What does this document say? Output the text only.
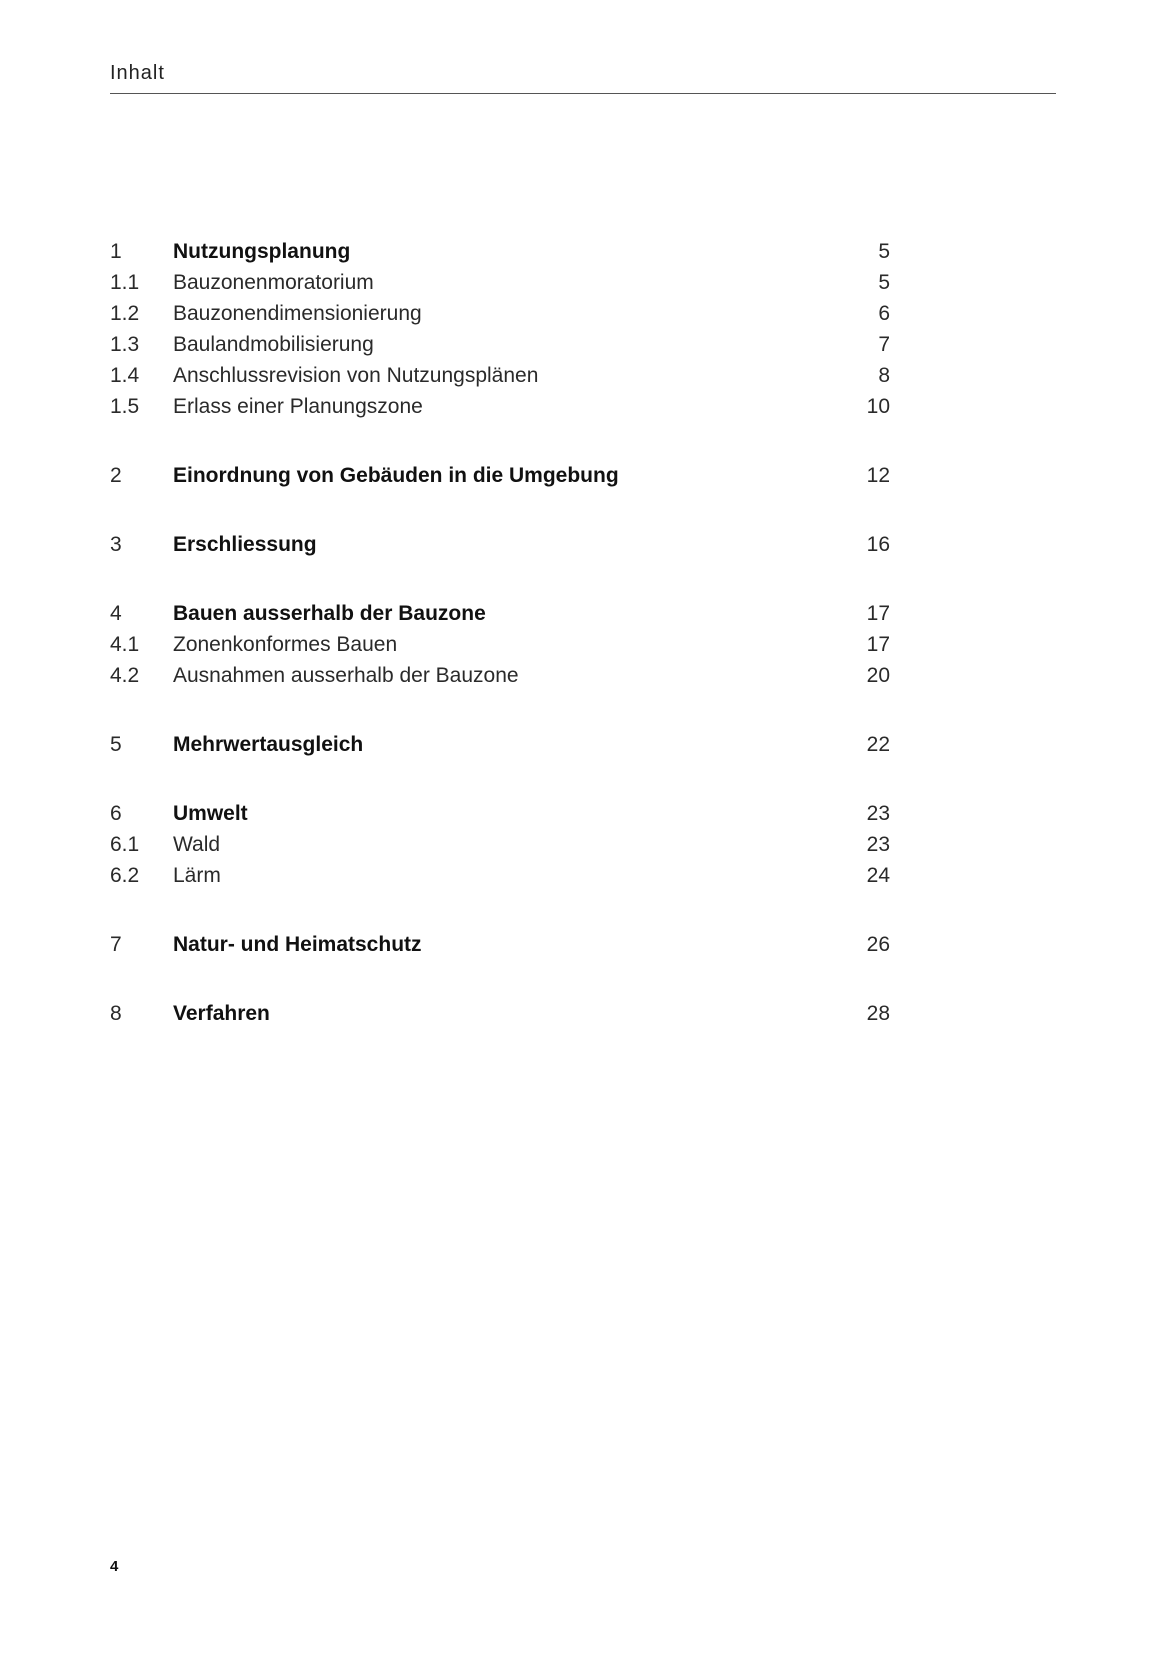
Inhalt
1 Nutzungsplanung	5
1.1 Bauzonenmoratorium	5
1.2 Bauzonendimensionierung	6
1.3 Baulandmobilisierung	7
1.4 Anschlussrevision von Nutzungsplänen	8
1.5 Erlass einer Planungszone	10
2 Einordnung von Gebäuden in die Umgebung	12
3 Erschliessung	16
4 Bauen ausserhalb der Bauzone	17
4.1 Zonenkonformes Bauen	17
4.2 Ausnahmen ausserhalb der Bauzone	20
5 Mehrwertausgleich	22
6 Umwelt	23
6.1 Wald	23
6.2 Lärm	24
7 Natur- und Heimatschutz	26
8 Verfahren	28
4
